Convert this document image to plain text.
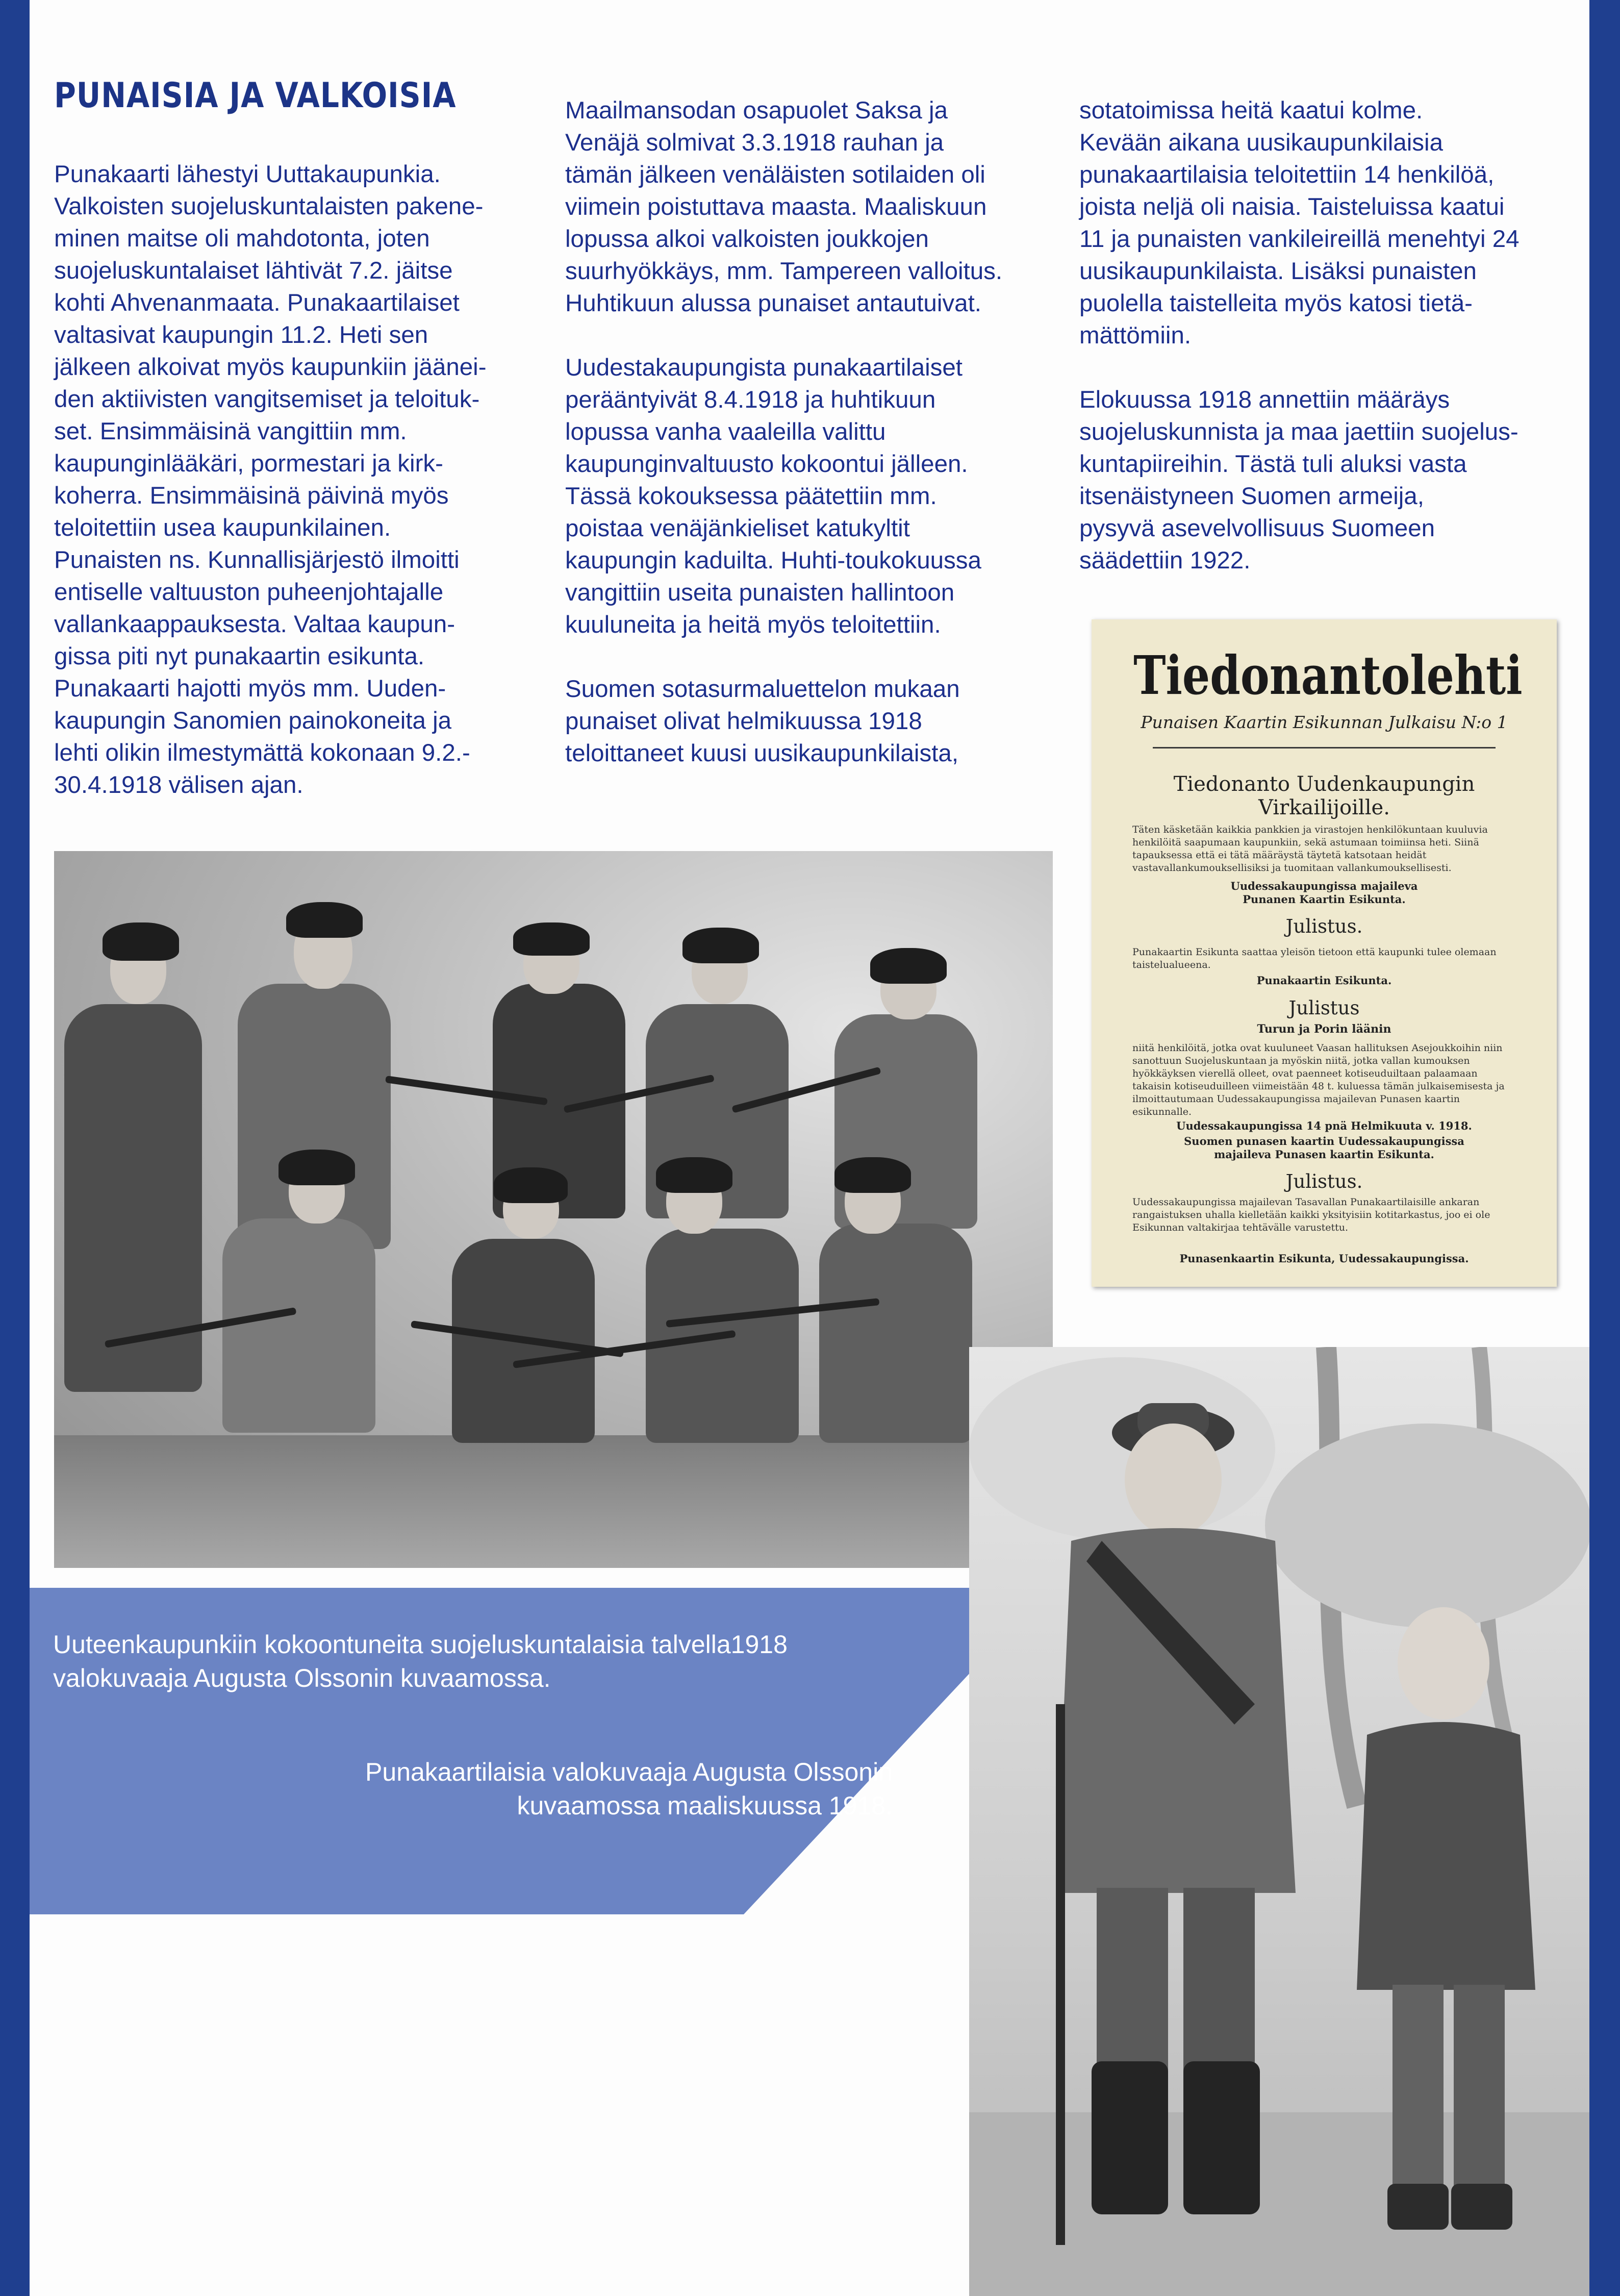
PUNAISIA JA VALKOISIA
Punakaarti lähestyi Uuttakaupunkia.
Valkoisten suojeluskuntalaisten pakene-
minen maitse oli mahdotonta, joten
suojeluskuntalaiset lähtivät 7.2. jäitse
kohti Ahvenanmaata. Punakaartilaiset
valtasivat kaupungin 11.2. Heti sen
jälkeen alkoivat myös kaupunkiin jäänei-
den aktiivisten vangitsemiset ja teloituk-
set. Ensimmäisinä vangittiin mm.
kaupunginlääkäri, pormestari ja kirk-
koherra. Ensimmäisinä päivinä myös
teloitettiin usea kaupunkilainen.
Punaisten ns. Kunnallisjärjestö ilmoitti
entiselle valtuuston puheenjohtajalle
vallankaappauksesta. Valtaa kaupun-
gissa piti nyt punakaartin esikunta.
Punakaarti hajotti myös mm. Uuden-
kaupungin Sanomien painokoneita ja
lehti olikin ilmestymättä kokonaan 9.2.-
30.4.1918 välisen ajan.
Maailmansodan osapuolet Saksa ja
Venäjä solmivat 3.3.1918 rauhan ja
tämän jälkeen venäläisten sotilaiden oli
viimein poistuttava maasta. Maaliskuun
lopussa alkoi valkoisten joukkojen
suurhyökkäys, mm. Tampereen valloitus.
Huhtikuun alussa punaiset antautuivat.

Uudestakaupungista punakaartilaiset
perääntyivät 8.4.1918 ja huhtikuun
lopussa vanha vaaleilla valittu
kaupunginvaltuusto kokoontui jälleen.
Tässä kokouksessa päätettiin mm.
poistaa venäjänkieliset katukyltit
kaupungin kaduilta. Huhti-toukokuussa
vangittiin useita punaisten hallintoon
kuuluneita ja heitä myös teloitettiin.

Suomen sotasurmaluettelon mukaan
punaiset olivat helmikuussa 1918
teloittaneet kuusi uusikaupunkilaista,
sotatoimissa heitä kaatui kolme.
Kevään aikana uusikaupunkilaisia
punakaartilaisia teloitettiin 14 henkilöä,
joista neljä oli naisia. Taisteluissa kaatui
11 ja punaisten vankileireillä menehtyi 24
uusikaupunkilaista. Lisäksi punaisten
puolella taistelleita myös katosi tietä-
mättömiin.

Elokuussa 1918 annettiin määräys
suojeluskunnista ja maa jaettiin suojelus-
kuntapiireihin. Tästä tuli aluksi vasta
itsenäistyneen Suomen armeija,
pysyvä asevelvollisuus Suomeen
säädettiin 1922.
Tiedonantolehti
Punaisen Kaartin Esikunnan Julkaisu N:o 1
Tiedonanto Uudenkaupungin
Virkailijoille.
Täten käsketään kaikkia pankkien ja virastojen henkilökuntaan kuuluvia henkilöitä saapumaan kaupunkiin, sekä astumaan toimiinsa heti. Siinä tapauksessa että ei tätä määräystä täytetä katsotaan heidät vastavallankumouksellisiksi ja tuomitaan vallankumouksellisesti.
Uudessakaupungissa majaileva
Punanen Kaartin Esikunta.
Julistus.
Punakaartin Esikunta saattaa yleisön tietoon että kaupunki tulee olemaan taistelualueena.
Punakaartin Esikunta.
Julistus
Turun ja Porin läänin
niitä henkilöitä, jotka ovat kuuluneet Vaasan hallituksen Asejoukkoihin niin sanottuun Suojeluskuntaan ja myöskin niitä, jotka vallan kumouksen hyökkäyksen vierellä olleet, ovat paenneet kotiseuduiltaan palaamaan takaisin kotiseuduilleen viimeistään 48 t. kuluessa tämän julkaisemisesta ja ilmoittautumaan Uudessakaupungissa majailevan Punasen kaartin esikunnalle.
Uudessakaupungissa 14 pnä Helmikuuta v. 1918.
Suomen punasen kaartin Uudessakaupungissa
majaileva Punasen kaartin Esikunta.
Julistus.
Uudessakaupungissa majailevan Tasavallan Punakaartilaisille ankaran rangaistuksen uhalla kielletään kaikki yksityisiin kotitarkastus, joo ei ole Esikunnan valtakirjaa tehtävälle varustettu.
Punasenkaartin Esikunta, Uudessakaupungissa.
Uuteenkaupunkiin kokoontuneita suojeluskuntalaisia talvella1918
valokuvaaja Augusta Olssonin kuvaamossa.
Punakaartilaisia valokuvaaja Augusta Olssonin
kuvaamossa maaliskuussa 1918.
